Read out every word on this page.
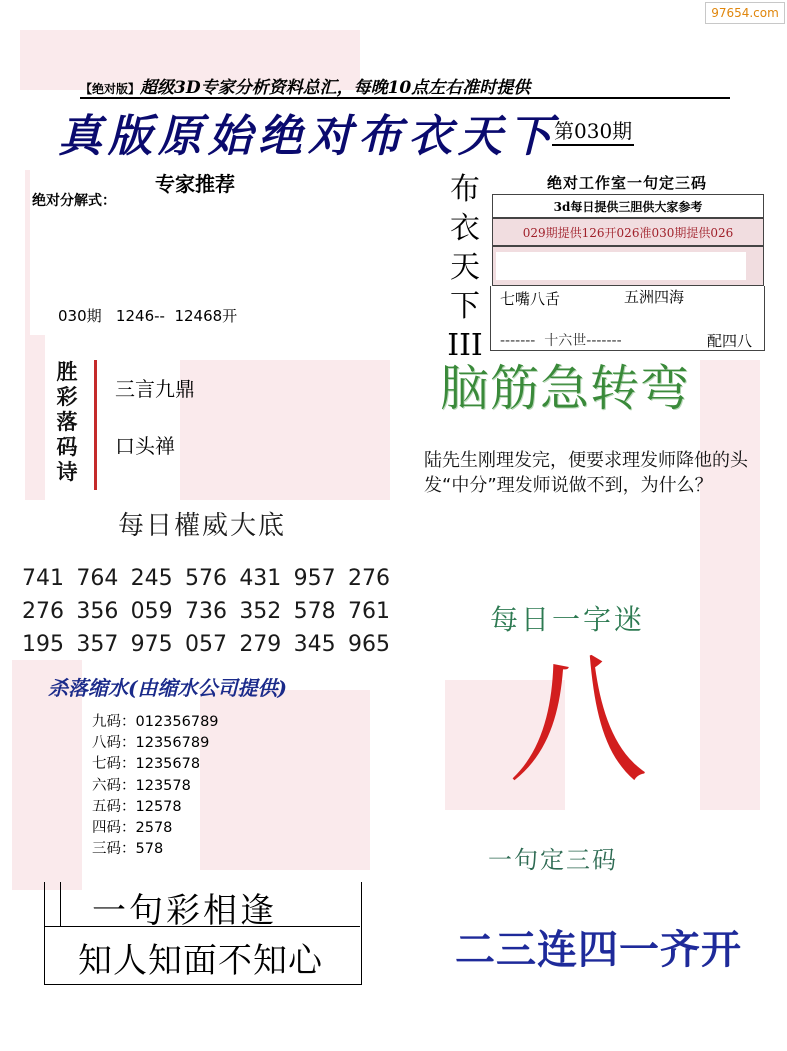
97654.com
【绝对版】超级3D专家分析资料总汇，每晚10点左右准时提供
真版原始绝对布衣天下
第030期
专家推荐
绝对分解式：
030期   1246--  12468开
布
衣
天
下
III
绝对工作室一句定三码
3d每日提供三胆供大家参考
029期提供126开026准030期提供026
七嘴八舌	五洲四海
-------  十六世-------	配四八
胜
彩
落
码
诗
三言九鼎
口头禅
脑筋急转弯
陆先生刚理发完，便要求理发师降他的头发“中分”理发师说做不到，为什么？
每日權威大底
741 764 245 576 431 957 276
276 356 059 736 352 578 761
195 357 975 057 279 345 965
每日一字迷
八
杀落缩水(由缩水公司提供)
九码：012356789
八码：12356789
七码：1235678
六码：123578
五码：12578
四码：2578
三码：578	一句定三码
二三连四一齐开
一句彩相逢
知人知面不知心
